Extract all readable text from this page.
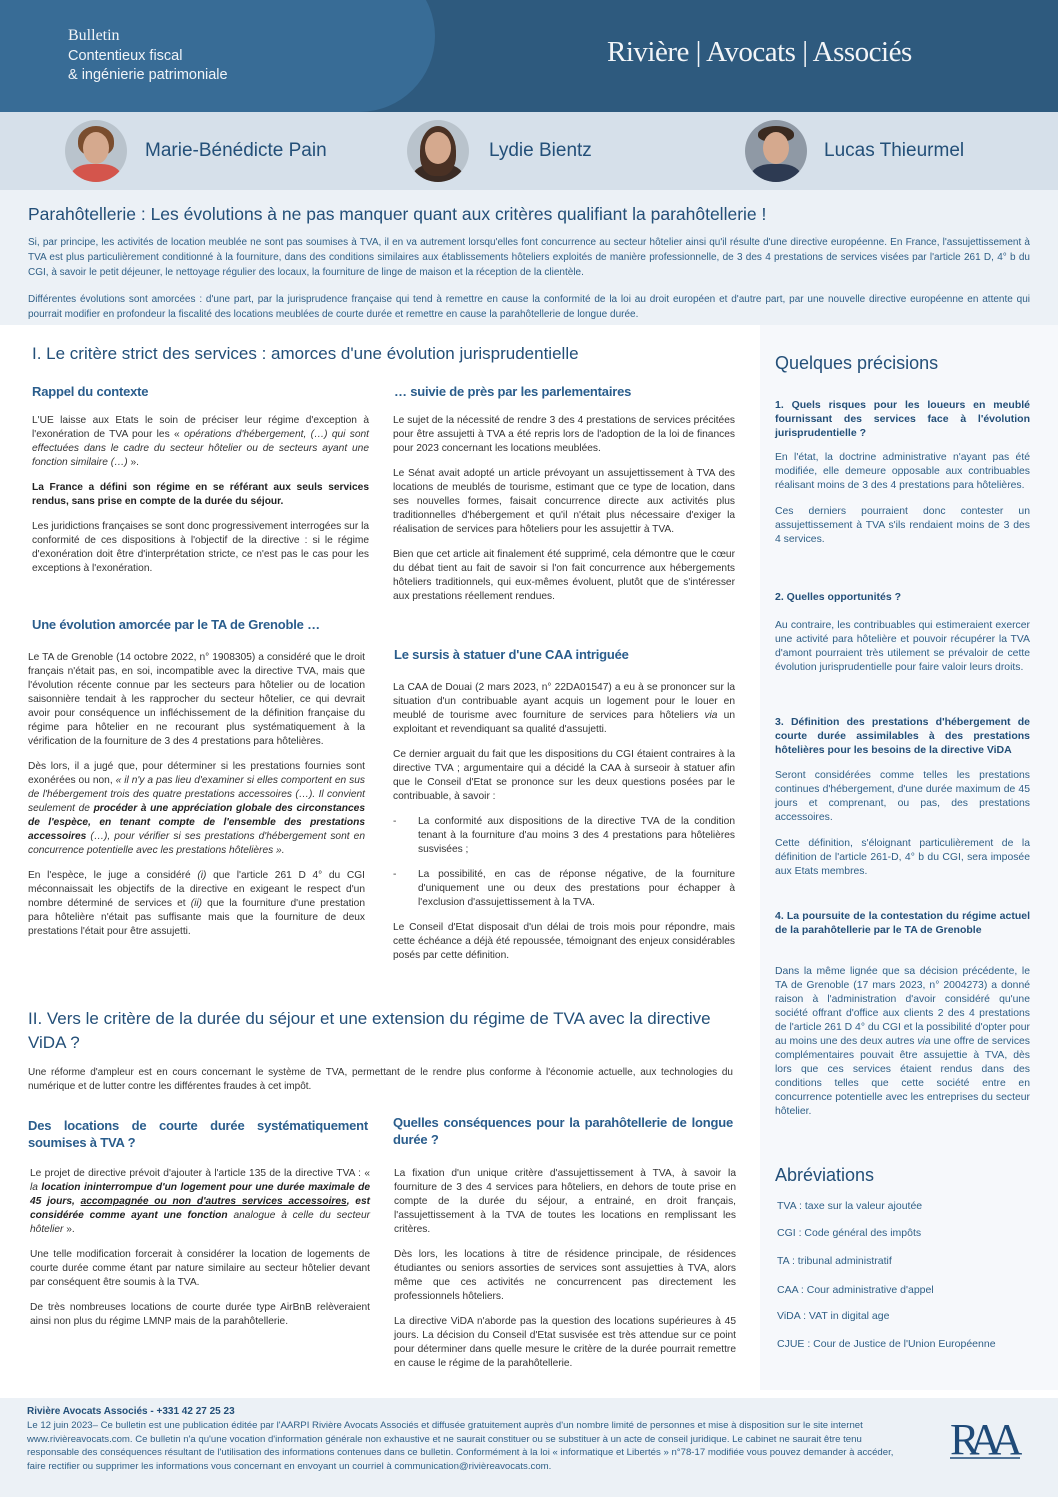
Bulletin
Contentieux fiscal
& ingénierie patrimoniale
Rivière | Avocats | Associés
Marie-Bénédicte Pain	Lydie Bientz	Lucas Thieurmel
Parahôtellerie : Les évolutions à ne pas manquer quant aux critères qualifiant la parahôtellerie !

Si, par principe, les activités de location meublée ne sont pas soumises à TVA, il en va autrement lorsqu'elles font concurrence au secteur hôtelier ainsi qu'il résulte d'une directive européenne. En France, l'assujettissement à TVA est plus particulièrement conditionné à la fourniture, dans des conditions similaires aux établissements hôteliers exploités de manière professionnelle, de 3 des 4 prestations de services visées par l'article 261 D, 4° b du CGI, à savoir le petit déjeuner, le nettoyage régulier des locaux, la fourniture de linge de maison et la réception de la clientèle.

Différentes évolutions sont amorcées : d'une part, par la jurisprudence française qui tend à remettre en cause la conformité de la loi au droit européen et d'autre part, par une nouvelle directive européenne en attente qui pourrait modifier en profondeur la fiscalité des locations meublées de courte durée et remettre en cause la parahôtellerie de longue durée.

I. Le critère strict des services : amorces d'une évolution jurisprudentielle
Rappel du contexte

L'UE laisse aux Etats le soin de préciser leur régime d'exception à l'exonération de TVA pour les « opérations d'hébergement, (…) qui sont effectuées dans le cadre du secteur hôtelier ou de secteurs ayant une fonction similaire (…) ».

La France a défini son régime en se référant aux seuls services rendus, sans prise en compte de la durée du séjour.

Les juridictions françaises se sont donc progressivement interrogées sur la conformité de ces dispositions à l'objectif de la directive : si le régime d'exonération doit être d'interprétation stricte, ce n'est pas le cas pour les exceptions à l'exonération.

Une évolution amorcée par le TA de Grenoble …

Le TA de Grenoble (14 octobre 2022, n° 1908305) a considéré que le droit français n'était pas, en soi, incompatible avec la directive TVA, mais que l'évolution récente connue par les secteurs para hôtelier ou de location saisonnière tendait à les rapprocher du secteur hôtelier, ce qui devrait avoir pour conséquence un infléchissement de la définition française du régime para hôtelier en ne recourant plus systématiquement à la vérification de la fourniture de 3 des 4 prestations para hôtelières.

Dès lors, il a jugé que, pour déterminer si les prestations fournies sont exonérées ou non, « il n'y a pas lieu d'examiner si elles comportent en sus de l'hébergement trois des quatre prestations accessoires (…). Il convient seulement de procéder à une appréciation globale des circonstances de l'espèce, en tenant compte de l'ensemble des prestations accessoires (…), pour vérifier si ses prestations d'hébergement sont en concurrence potentielle avec les prestations hôtelières ».

En l'espèce, le juge a considéré (i) que l'article 261 D 4° du CGI méconnaissait les objectifs de la directive en exigeant le respect d'un nombre déterminé de services et (ii) que la fourniture d'une prestation para hôtelière n'était pas suffisante mais que la fourniture de deux prestations l'était pour être assujetti.

… suivie de près par les parlementaires

Le sujet de la nécessité de rendre 3 des 4 prestations de services précitées pour être assujetti à TVA a été repris lors de l'adoption de la loi de finances pour 2023 concernant les locations meublées.

Le Sénat avait adopté un article prévoyant un assujettissement à TVA des locations de meublés de tourisme, estimant que ce type de location, dans ses nouvelles formes, faisait concurrence directe aux activités plus traditionnelles d'hébergement et qu'il n'était plus nécessaire d'exiger la réalisation de services para hôteliers pour les assujettir à TVA.

Bien que cet article ait finalement été supprimé, cela démontre que le cœur du débat tient au fait de savoir si l'on fait concurrence aux hébergements hôteliers traditionnels, qui eux-mêmes évoluent, plutôt que de s'intéresser aux prestations réellement rendues.

Le sursis à statuer d'une CAA intriguée

La CAA de Douai (2 mars 2023, n° 22DA01547) a eu à se prononcer sur la situation d'un contribuable ayant acquis un logement pour le louer en meublé de tourisme avec fourniture de services para hôteliers via un exploitant et revendiquant sa qualité d'assujetti.

Ce dernier arguait du fait que les dispositions du CGI étaient contraires à la directive TVA ; argumentaire qui a décidé la CAA à surseoir à statuer afin que le Conseil d'Etat se prononce sur les deux questions posées par le contribuable, à savoir :

- La conformité aux dispositions de la directive TVA de la condition tenant à la fourniture d'au moins 3 des 4 prestations para hôtelières susvisées ;
- La possibilité, en cas de réponse négative, de la fourniture d'uniquement une ou deux des prestations pour échapper à l'exclusion d'assujettissement à la TVA.

Le Conseil d'Etat disposait d'un délai de trois mois pour répondre, mais cette échéance a déjà été repoussée, témoignant des enjeux considérables posés par cette définition.

II. Vers le critère de la durée du séjour et une extension du régime de TVA avec la directive ViDA ?
Une réforme d'ampleur est en cours concernant le système de TVA, permettant de le rendre plus conforme à l'économie actuelle, aux technologies du numérique et de lutter contre les différentes fraudes à cet impôt.
Des locations de courte durée systématiquement soumises à TVA ?

Le projet de directive prévoit d'ajouter à l'article 135 de la directive TVA : « la location ininterrompue d'un logement pour une durée maximale de 45 jours, accompagnée ou non d'autres services accessoires, est considérée comme ayant une fonction analogue à celle du secteur hôtelier ».

Une telle modification forcerait à considérer la location de logements de courte durée comme étant par nature similaire au secteur hôtelier devant par conséquent être soumis à la TVA.

De très nombreuses locations de courte durée type AirBnB relèveraient ainsi non plus du régime LMNP mais de la parahôtellerie.

Quelles conséquences pour la parahôtellerie de longue durée ?

La fixation d'un unique critère d'assujettissement à TVA, à savoir la fourniture de 3 des 4 services para hôteliers, en dehors de toute prise en compte de la durée du séjour, a entrainé, en droit français, l'assujettissement à la TVA de toutes les locations en remplissant les critères.

Dès lors, les locations à titre de résidence principale, de résidences étudiantes ou seniors assorties de services sont assujetties à TVA, alors même que ces activités ne concurrencent pas directement les professionnels hôteliers.

La directive ViDA n'aborde pas la question des locations supérieures à 45 jours. La décision du Conseil d'Etat susvisée est très attendue sur ce point pour déterminer dans quelle mesure le critère de la durée pourrait remettre en cause le régime de la parahôtellerie.

Quelques précisions
1. Quels risques pour les loueurs en meublé fournissant des services face à l'évolution jurisprudentielle ?

En l'état, la doctrine administrative n'ayant pas été modifiée, elle demeure opposable aux contribuables réalisant moins de 3 des 4 prestations para hôtelières.

Ces derniers pourraient donc contester un assujettissement à TVA s'ils rendaient moins de 3 des 4 services.

2. Quelles opportunités ?

Au contraire, les contribuables qui estimeraient exercer une activité para hôtelière et pouvoir récupérer la TVA d'amont pourraient très utilement se prévaloir de cette évolution jurisprudentielle pour faire valoir leurs droits.

3. Définition des prestations d'hébergement de courte durée assimilables à des prestations hôtelières pour les besoins de la directive ViDA

Seront considérées comme telles les prestations continues d'hébergement, d'une durée maximum de 45 jours et comprenant, ou pas, des prestations accessoires.

Cette définition, s'éloignant particulièrement de la définition de l'article 261-D, 4° b du CGI, sera imposée aux Etats membres.

4. La poursuite de la contestation du régime actuel de la parahôtellerie par le TA de Grenoble

Dans la même lignée que sa décision précédente, le TA de Grenoble (17 mars 2023, n° 2004273) a donné raison à l'administration d'avoir considéré qu'une société offrant d'office aux clients 2 des 4 prestations de l'article 261 D 4° du CGI et la possibilité d'opter pour au moins une des deux autres via une offre de services complémentaires pouvait être assujettie à TVA, dès lors que ces services étaient rendus dans des conditions telles que cette société entre en concurrence potentielle avec les entreprises du secteur hôtelier.

Abréviations
TVA : taxe sur la valeur ajoutée
CGI : Code général des impôts
TA : tribunal administratif
CAA : Cour administrative d'appel
ViDA : VAT in digital age
CJUE : Cour de Justice de l'Union Européenne
Rivière Avocats Associés - +331 42 27 25 23
Le 12 juin 2023– Ce bulletin est une publication éditée par l'AARPI Rivière Avocats Associés et diffusée gratuitement auprès d'un nombre limité de personnes et mise à disposition sur le site internet www.rivièreavocats.com. Ce bulletin n'a qu'une vocation d'information générale non exhaustive et ne saurait constituer ou se substituer à un acte de conseil juridique. Le cabinet ne saurait être tenu responsable des conséquences résultant de l'utilisation des informations contenues dans ce bulletin. Conformément à la loi « informatique et Libertés » n°78-17 modifiée vous pouvez demander à accéder, faire rectifier ou supprimer les informations vous concernant en envoyant un courriel à communication@rivièreavocats.com.
RAA
